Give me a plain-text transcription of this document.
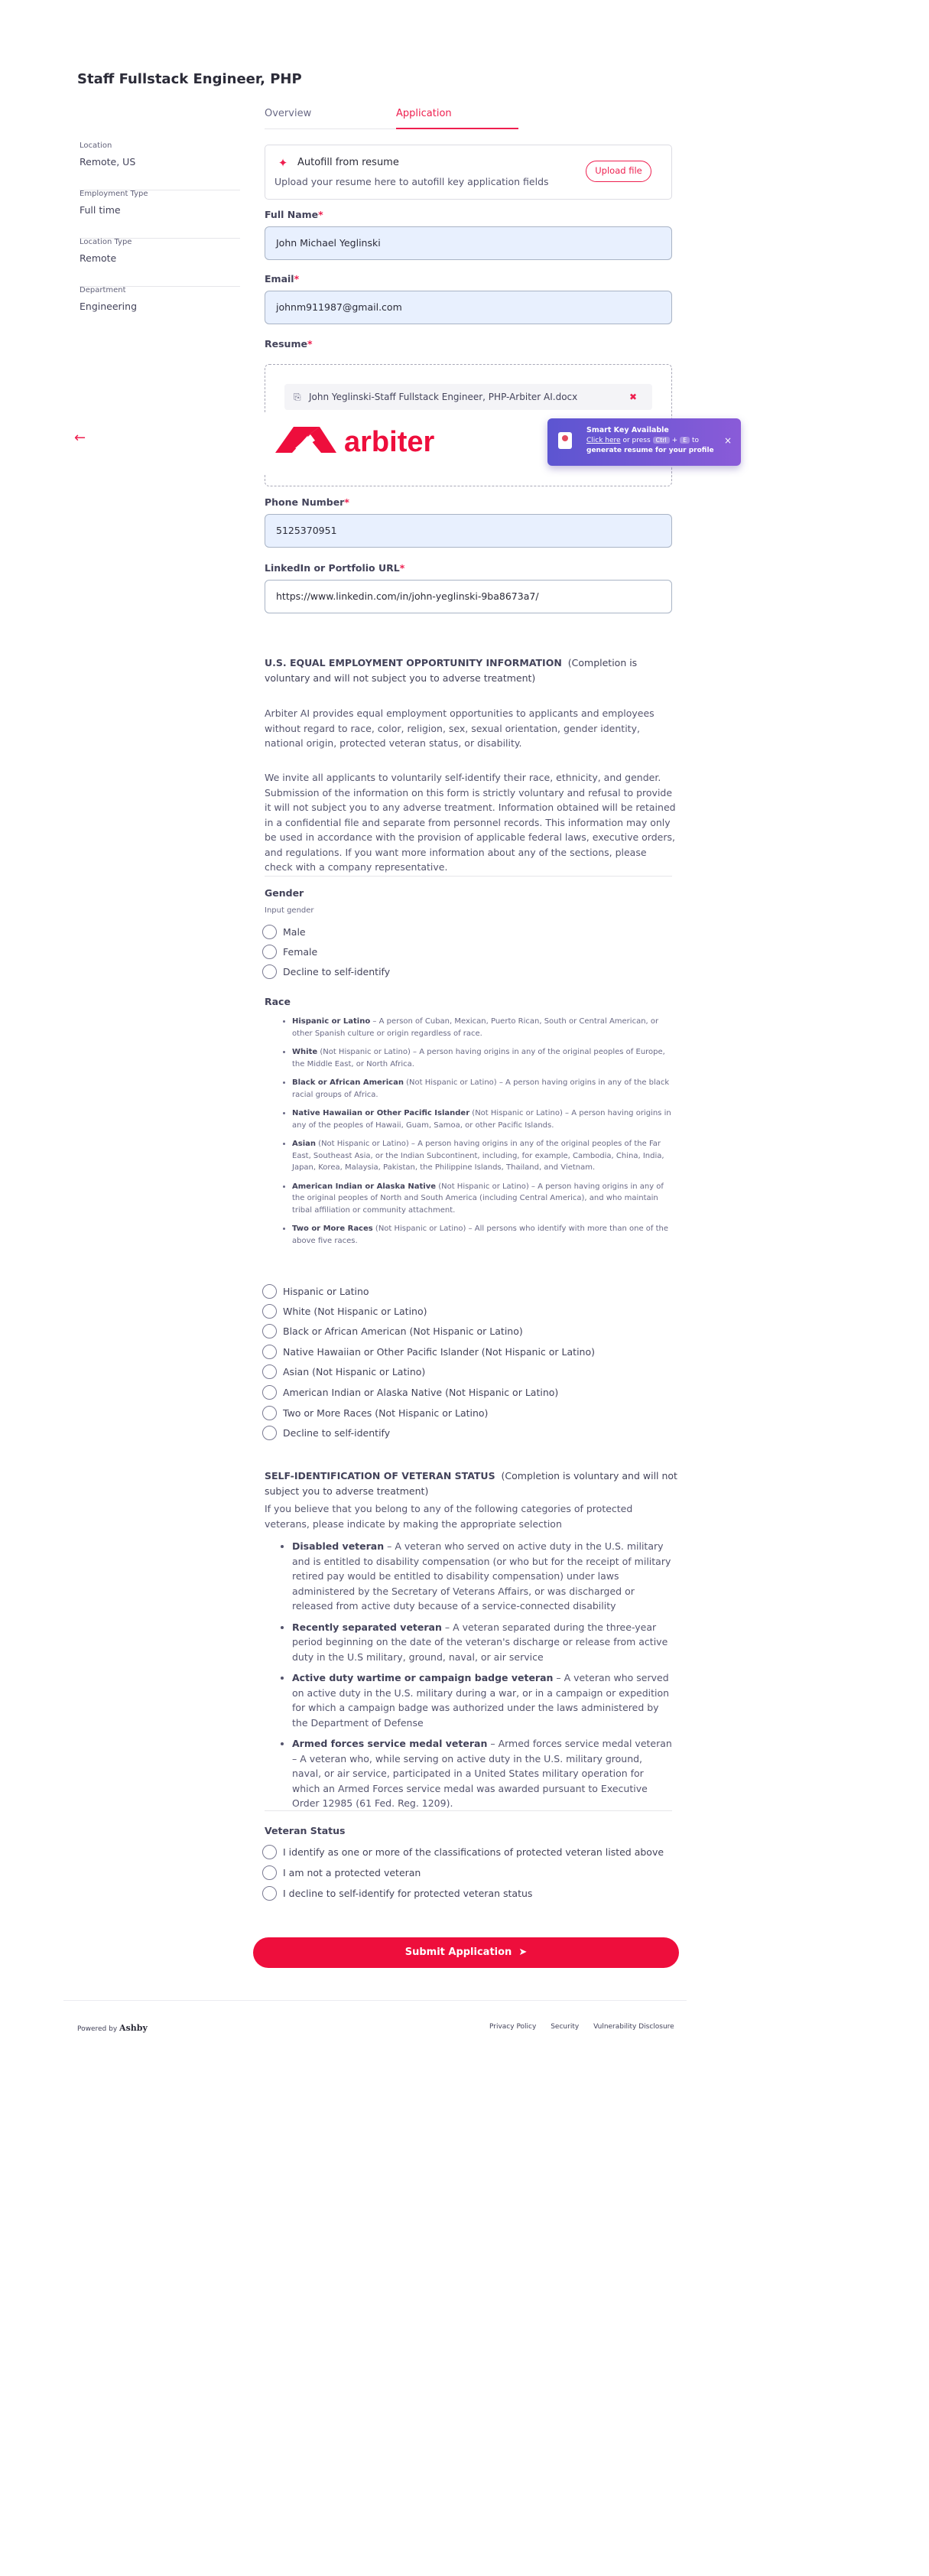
Staff Fullstack Engineer, PHP
Location
Remote, US
Employment Type
Full time
Location Type
Remote
Department
Engineering
Overview	Application
✦ Autofill from resume
Upload your resume here to autofill key application fields
Upload file
Full Name*
John Michael Yeglinski
Email*
johnm911987@gmail.com
Resume*
⎘ John Yeglinski-Staff Fullstack Engineer, PHP-Arbiter AI.docx	✖
arbiter
←	Smart Key Available
Click here or press Ctrl + E to
generate resume for your profile
×
Phone Number*
5125370951
LinkedIn or Portfolio URL*
https://www.linkedin.com/in/john-yeglinski-9ba8673a7/
U.S. EQUAL EMPLOYMENT OPPORTUNITY INFORMATION (Completion is voluntary and will not subject you to adverse treatment)
Arbiter AI provides equal employment opportunities to applicants and employees without regard to race, color, religion, sex, sexual orientation, gender identity, national origin, protected veteran status, or disability.
We invite all applicants to voluntarily self-identify their race, ethnicity, and gender. Submission of the information on this form is strictly voluntary and refusal to provide it will not subject you to any adverse treatment. Information obtained will be retained in a confidential file and separate from personnel records. This information may only be used in accordance with the provision of applicable federal laws, executive orders, and regulations. If you want more information about any of the sections, please check with a company representative.
Gender
Input gender
Male
Female
Decline to self-identify
Race
• Hispanic or Latino – A person of Cuban, Mexican, Puerto Rican, South or Central American, or other Spanish culture or origin regardless of race.
• White (Not Hispanic or Latino) – A person having origins in any of the original peoples of Europe, the Middle East, or North Africa.
• Black or African American (Not Hispanic or Latino) – A person having origins in any of the black racial groups of Africa.
• Native Hawaiian or Other Pacific Islander (Not Hispanic or Latino) – A person having origins in any of the peoples of Hawaii, Guam, Samoa, or other Pacific Islands.
• Asian (Not Hispanic or Latino) – A person having origins in any of the original peoples of the Far East, Southeast Asia, or the Indian Subcontinent, including, for example, Cambodia, China, India, Japan, Korea, Malaysia, Pakistan, the Philippine Islands, Thailand, and Vietnam.
• American Indian or Alaska Native (Not Hispanic or Latino) – A person having origins in any of the original peoples of North and South America (including Central America), and who maintain tribal affiliation or community attachment.
• Two or More Races (Not Hispanic or Latino) – All persons who identify with more than one of the above five races.
Hispanic or Latino
White (Not Hispanic or Latino)
Black or African American (Not Hispanic or Latino)
Native Hawaiian or Other Pacific Islander (Not Hispanic or Latino)
Asian (Not Hispanic or Latino)
American Indian or Alaska Native (Not Hispanic or Latino)
Two or More Races (Not Hispanic or Latino)
Decline to self-identify
SELF-IDENTIFICATION OF VETERAN STATUS (Completion is voluntary and will not subject you to adverse treatment)
If you believe that you belong to any of the following categories of protected veterans, please indicate by making the appropriate selection
• Disabled veteran – A veteran who served on active duty in the U.S. military and is entitled to disability compensation (or who but for the receipt of military retired pay would be entitled to disability compensation) under laws administered by the Secretary of Veterans Affairs, or was discharged or released from active duty because of a service-connected disability
• Recently separated veteran – A veteran separated during the three-year period beginning on the date of the veteran's discharge or release from active duty in the U.S military, ground, naval, or air service
• Active duty wartime or campaign badge veteran – A veteran who served on active duty in the U.S. military during a war, or in a campaign or expedition for which a campaign badge was authorized under the laws administered by the Department of Defense
• Armed forces service medal veteran – Armed forces service medal veteran – A veteran who, while serving on active duty in the U.S. military ground, naval, or air service, participated in a United States military operation for which an Armed Forces service medal was awarded pursuant to Executive Order 12985 (61 Fed. Reg. 1209).
Veteran Status
I identify as one or more of the classifications of protected veteran listed above
I am not a protected veteran
I decline to self-identify for protected veteran status
Submit Application ➤
Powered by Ashby	Privacy Policy Security Vulnerability Disclosure
